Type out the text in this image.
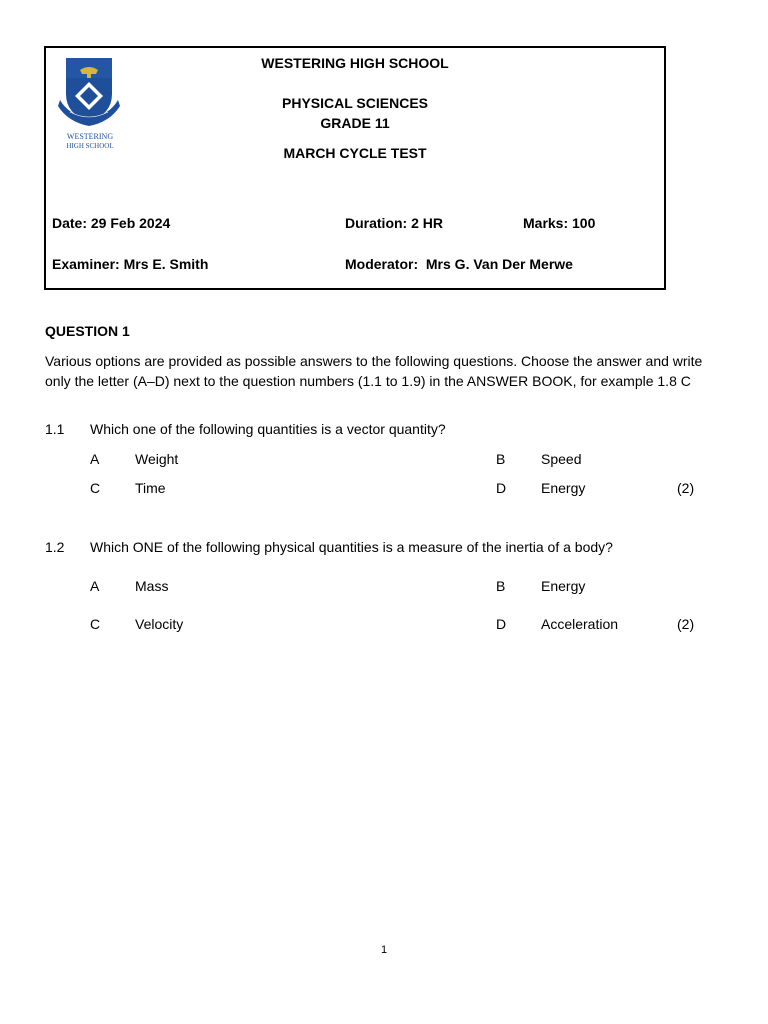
WESTERING
HIGH SCHOOL
WESTERING HIGH SCHOOL
PHYSICAL SCIENCES
GRADE 11
MARCH CYCLE TEST
Date: 29 Feb 2024	Duration: 2 HR	Marks: 100
Examiner: Mrs E. Smith	Moderator:  Mrs G. Van Der Merwe
QUESTION 1
Various options are provided as possible answers to the following questions. Choose the answer and write only the letter (A–D) next to the question numbers (1.1 to 1.9) in the ANSWER BOOK, for example 1.8 C
1.1 Which one of the following quantities is a vector quantity?
A	Weight	B	Speed
C Time	D Energy	(2)
1.2 Which ONE of the following physical quantities is a measure of the inertia of a body?
A	Mass	B	Energy
C Velocity	D Acceleration	(2)
1
